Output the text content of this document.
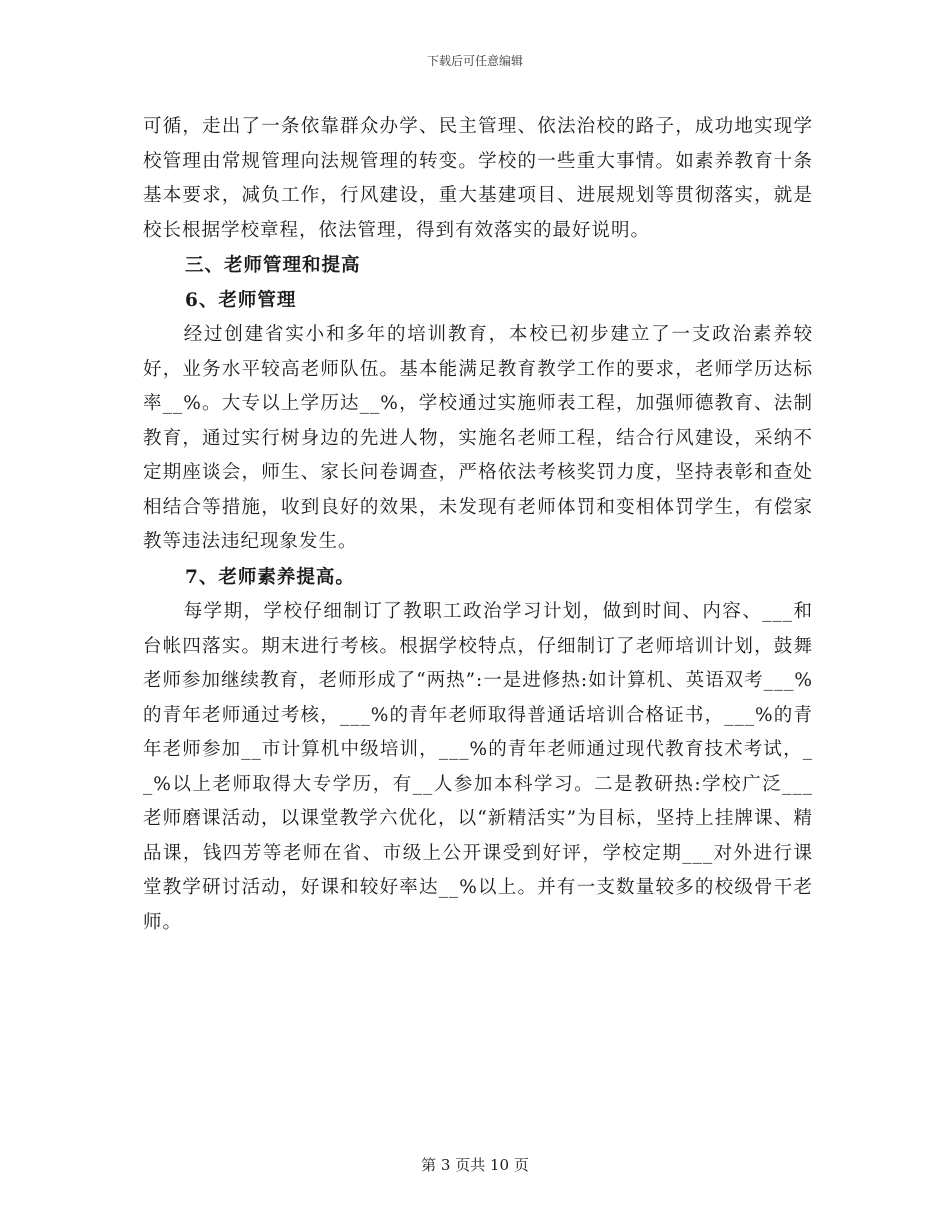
下载后可任意编辑

可循，走出了一条依靠群众办学、民主管理、依法治校的路子，成功地实现学校管理由常规管理向法规管理的转变。学校的一些重大事情。如素养教育十条基本要求，减负工作，行风建设，重大基建项目、进展规划等贯彻落实，就是校长根据学校章程，依法管理，得到有效落实的最好说明。

三、老师管理和提高

6、老师管理

经过创建省实小和多年的培训教育，本校已初步建立了一支政治素养较好，业务水平较高老师队伍。基本能满足教育教学工作的要求，老师学历达标率__%。大专以上学历达__%，学校通过实施师表工程，加强师德教育、法制教育，通过实行树身边的先进人物，实施名老师工程，结合行风建设，采纳不定期座谈会，师生、家长问卷调查，严格依法考核奖罚力度，坚持表彰和查处相结合等措施，收到良好的效果，未发现有老师体罚和变相体罚学生，有偿家教等违法违纪现象发生。

7、老师素养提高。

每学期，学校仔细制订了教职工政治学习计划，做到时间、内容、___和台帐四落实。期末进行考核。根据学校特点，仔细制订了老师培训计划，鼓舞老师参加继续教育，老师形成了“两热”:一是进修热:如计算机、英语双考___%的青年老师通过考核，___%的青年老师取得普通话培训合格证书，___%的青年老师参加__市计算机中级培训，___%的青年老师通过现代教育技术考试，__%以上老师取得大专学历，有__人参加本科学习。二是教研热:学校广泛___老师磨课活动，以课堂教学六优化，以“新精活实”为目标，坚持上挂牌课、精品课，钱四芳等老师在省、市级上公开课受到好评，学校定期___对外进行课堂教学研讨活动，好课和较好率达__%以上。并有一支数量较多的校级骨干老师。

第 3 页共 10 页
